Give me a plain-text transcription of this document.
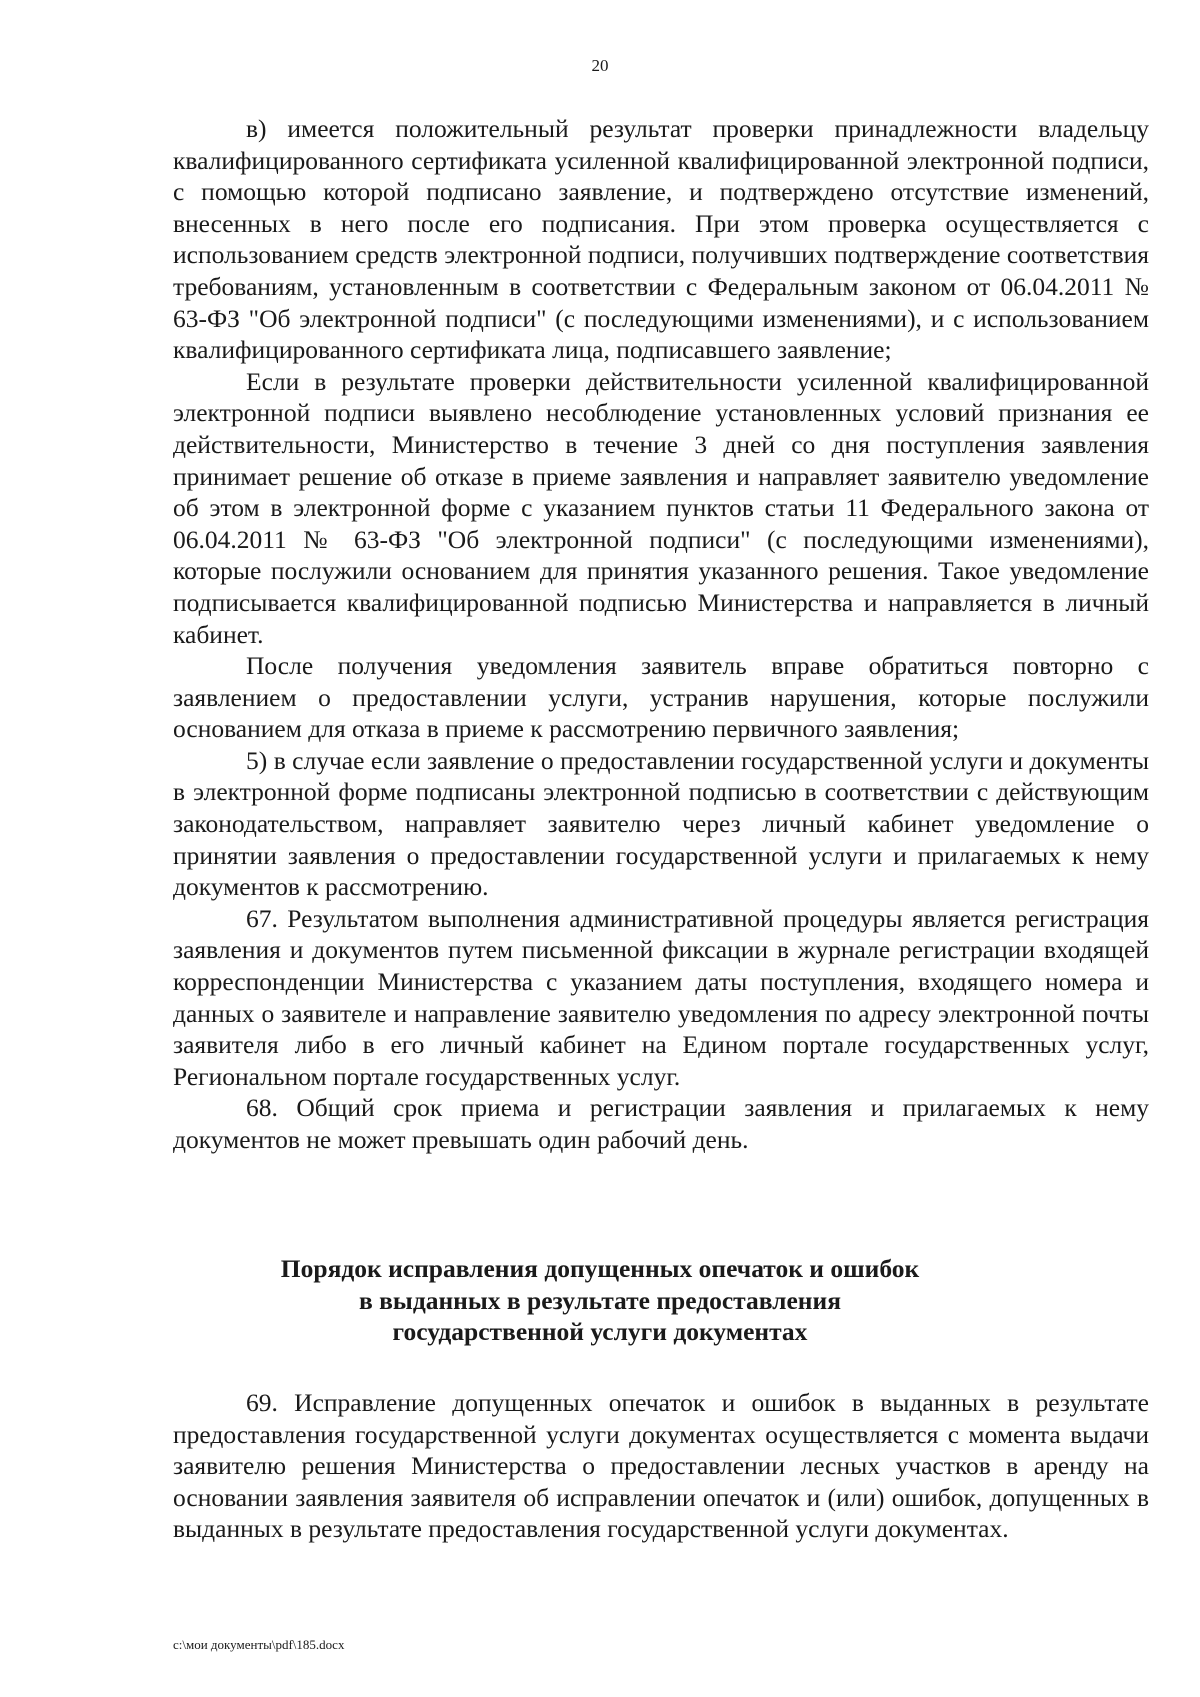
20

в) имеется положительный результат проверки принадлежности владельцу квалифицированного сертификата усиленной квалифицированной электронной подписи, с помощью которой подписано заявление, и подтверждено отсутствие изменений, внесенных в него после его подписания. При этом проверка осуществляется с использованием средств электронной подписи, получивших подтверждение соответствия требованиям, установленным в соответствии с Федеральным законом от 06.04.2011 № 63-ФЗ "Об электронной подписи" (с последующими изменениями), и с использованием квалифицированного сертификата лица, подписавшего заявление;

Если в результате проверки действительности усиленной квалифицированной электронной подписи выявлено несоблюдение установленных условий признания ее действительности, Министерство в течение 3 дней со дня поступления заявления принимает решение об отказе в приеме заявления и направляет заявителю уведомление об этом в электронной форме с указанием пунктов статьи 11 Федерального закона от 06.04.2011 № 63-ФЗ "Об электронной подписи" (с последующими изменениями), которые послужили основанием для принятия указанного решения. Такое уведомление подписывается квалифицированной подписью Министерства и направляется в личный кабинет.

После получения уведомления заявитель вправе обратиться повторно с заявлением о предоставлении услуги, устранив нарушения, которые послужили основанием для отказа в приеме к рассмотрению первичного заявления;

5) в случае если заявление о предоставлении государственной услуги и документы в электронной форме подписаны электронной подписью в соответствии с действующим законодательством, направляет заявителю через личный кабинет уведомление о принятии заявления о предоставлении государственной услуги и прилагаемых к нему документов к рассмотрению.

67. Результатом выполнения административной процедуры является регистрация заявления и документов путем письменной фиксации в журнале регистрации входящей корреспонденции Министерства с указанием даты поступления, входящего номера и данных о заявителе и направление заявителю уведомления по адресу электронной почты заявителя либо в его личный кабинет на Едином портале государственных услуг, Региональном портале государственных услуг.

68. Общий срок приема и регистрации заявления и прилагаемых к нему документов не может превышать один рабочий день.

Порядок исправления допущенных опечаток и ошибок
в выданных в результате предоставления
государственной услуги документах

69. Исправление допущенных опечаток и ошибок в выданных в результате предоставления государственной услуги документах осуществляется с момента выдачи заявителю решения Министерства о предоставлении лесных участков в аренду на основании заявления заявителя об исправлении опечаток и (или) ошибок, допущенных в выданных в результате предоставления государственной услуги документах.

c:\мои документы\pdf\185.docx
